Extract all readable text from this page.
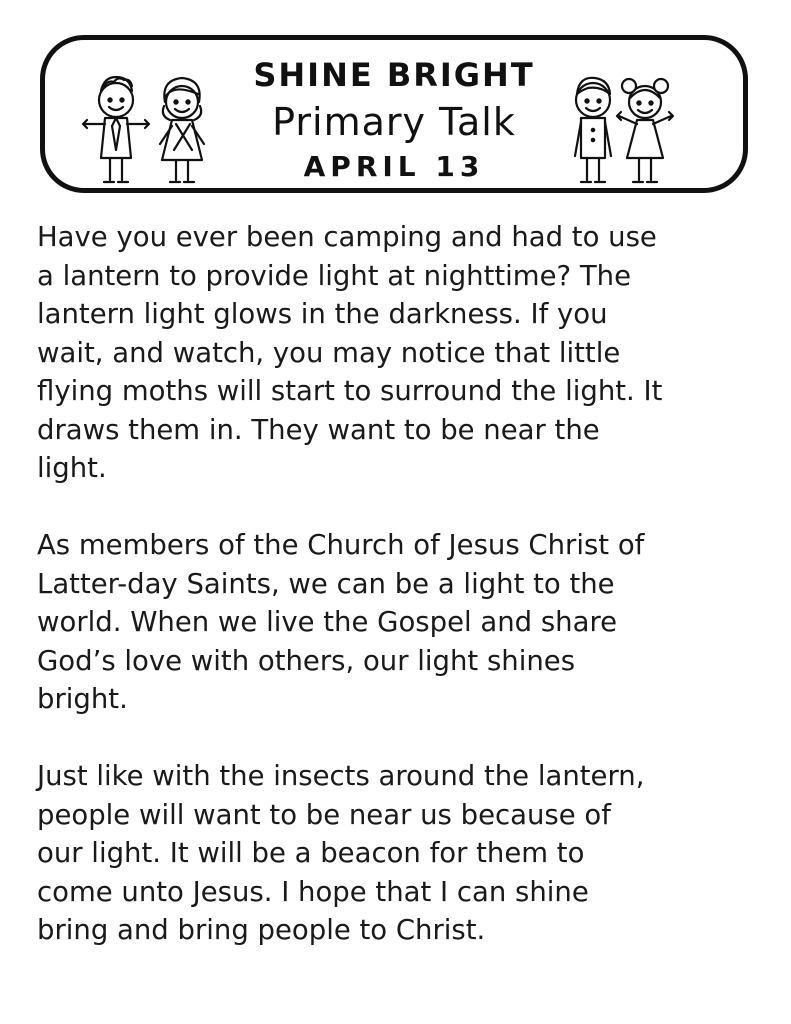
SHINE BRIGHT
Primary Talk
APRIL 13

Have you ever been camping and had to use
a lantern to provide light at nighttime? The
lantern light glows in the darkness. If you
wait, and watch, you may notice that little
flying moths will start to surround the light. It
draws them in. They want to be near the
light.

As members of the Church of Jesus Christ of
Latter-day Saints, we can be a light to the
world. When we live the Gospel and share
God’s love with others, our light shines
bright.

Just like with the insects around the lantern,
people will want to be near us because of
our light. It will be a beacon for them to
come unto Jesus. I hope that I can shine
bring and bring people to Christ.
